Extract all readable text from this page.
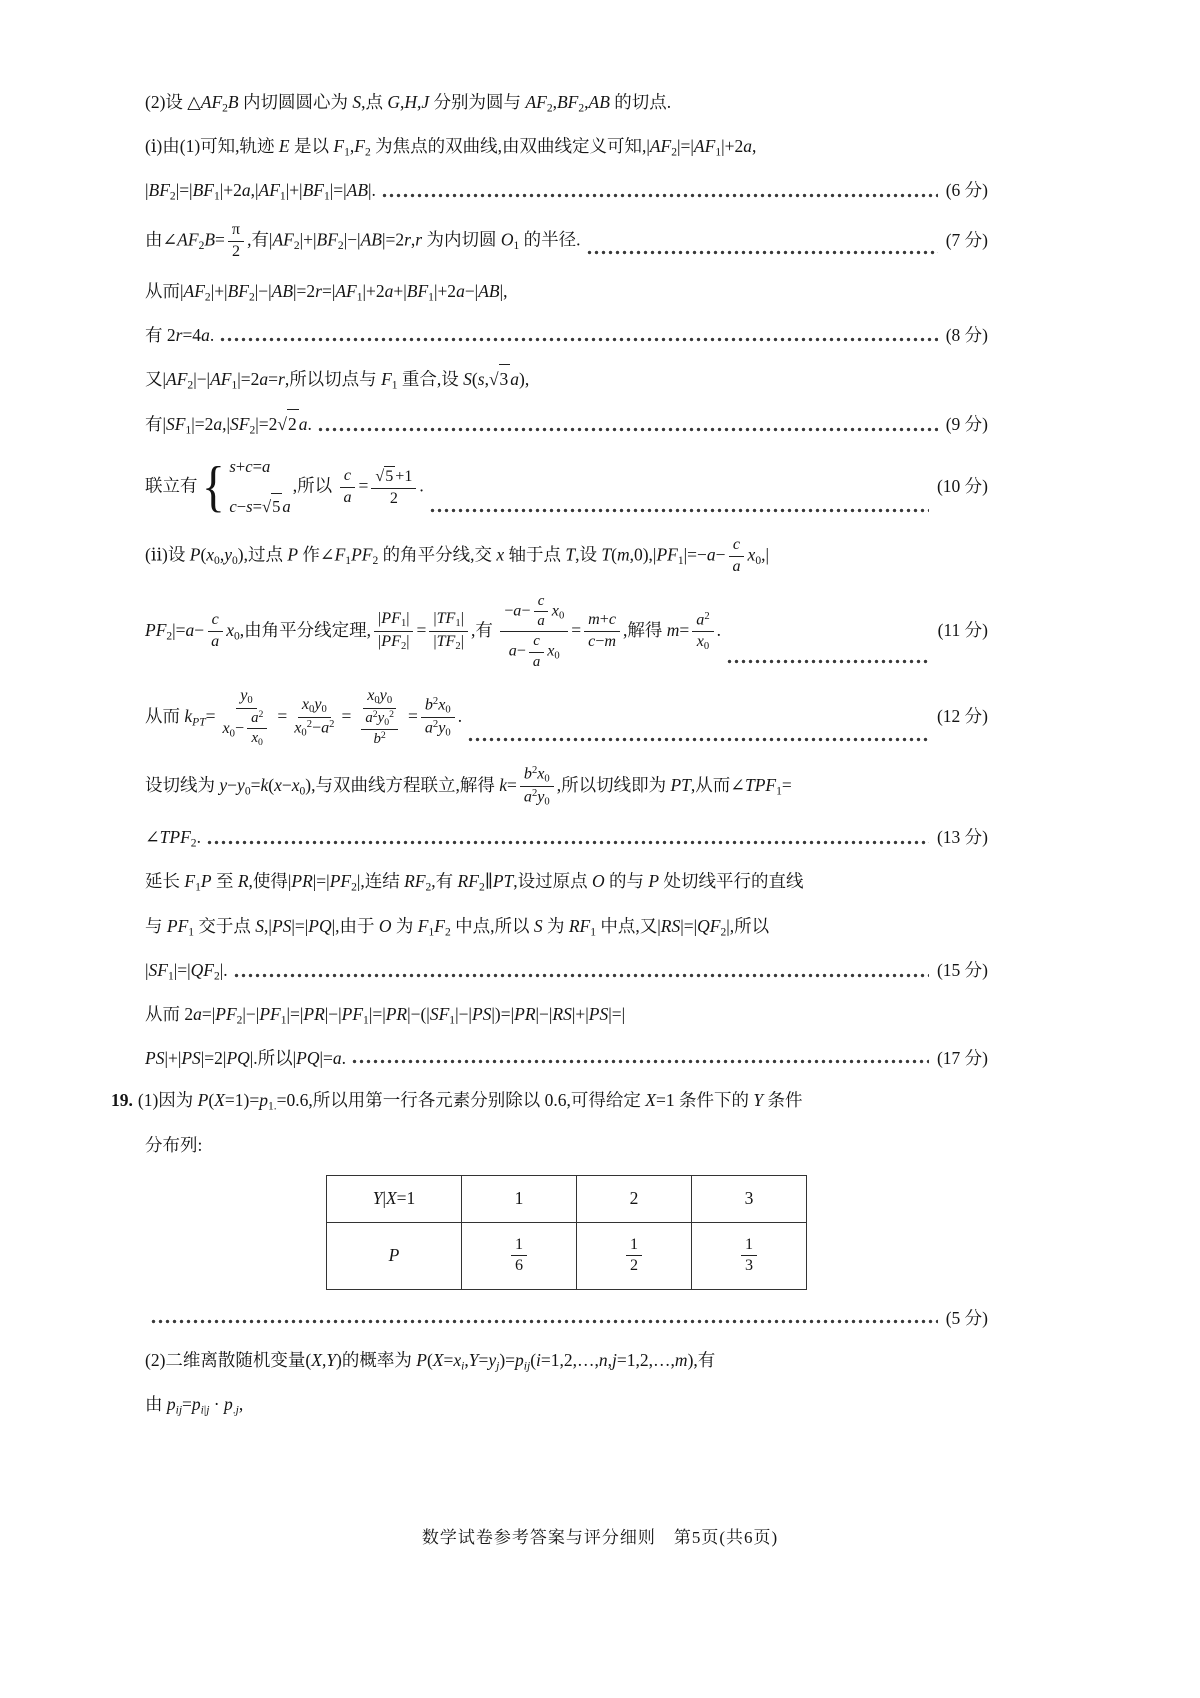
(2)设 $\triangle AF_2B$ 内切圆圆心为 S,点 G,H,J 分别为圆与 $AF_2,BF_2,AB$ 的切点.
(ⅰ)由(1)可知,轨迹 E 是以 $F_1,F_2$ 为焦点的双曲线,由双曲线定义可知$,|AF_2|=|AF_1|+2a$,
$|BF_2|=|BF_1|+2a,|AF_1|+|BF_1|=|AB|$.	(6 分)
由$\angle AF_2B= \frac{\pi}{2}$ ,有$|AF_2|+|BF_2|-|AB|=2r,r$ 为内切圆 $O_1$ 的半径.	(7 分)
从而$|AF_2|+|BF_2|-|AB|=2r=|AF_1|+2a+|BF_1|+2a-|AB|$,
有 2r=4a.	(8 分)
又$|AF_2|-|AF_1|=2a=r$,所以切点与 $F_1$ 重合,设 S(s,√ 3 a),
有$|SF_1|=2a,|SF_2|=2√$ 2 a.	(9 分)
联立有 { s+c=a
c−s=√ 5 a
,所以 $\frac{c}{a} = \frac{√ 5 +1}{2}$ .	(10 分)
(ⅱ)设 $P(x_0,y_0)$,过点 P 作$\angle F_1PF_2$ 的角平分线,交 x 轴于点 T,设 $T(m,0),|PF_1|=-a- \frac{c}{a} x_0,|$
$PF_2|=a- \frac{c}{a} x_0$,由角平分线定理, $\frac{|PF_1|}{|PF_2|} = \frac{|TF_1|}{|TF_2|}$ ,有 $\frac{-a- \frac{c}{a} x_0}{a- \frac{c}{a} x_0} = \frac{m+c}{c-m}$ ,解得 $m= \frac{a^2}{x_0}$ .	(11 分)
从而 $k_{PT}= \frac{y_0}{x_0- \frac{a^2}{x_0}} = \frac{x_0y_0}{x_0^2-a^2} = \frac{x_0y_0}{\frac{a^2y_0^2}{b^2}} = \frac{b^2x_0}{a^2y_0}$ .	(12 分)
设切线为 $y-y_0=k(x-x_0)$,与双曲线方程联立,解得 $k= \frac{b^2x_0}{a^2y_0}$ ,所以切线即为 PT,从而$\angle TPF_1=$
$\angle TPF_2$.	(13 分)
延长 $F_1P$ 至 R,使得$|PR|=|PF_2|$,连结 $RF_2$,有 $RF_2\parallel PT$,设过原点 O 的与 P 处切线平行的直线
与 $PF_1$ 交于点 S,|PS|=|PQ|,由于 O 为 $F_1F_2$ 中点,所以 S 为 $RF_1$ 中点,又$|RS|=|QF_2|$,所以
$|SF_1|=|QF_2|$.	(15 分)
从而 $2a=|PF_2|-|PF_1|=|PR|-|PF_1|=|PR|-(|SF_1|-|PS|)=|PR|-|RS|+|PS|=|$
PS|+|PS|=2|PQ|.所以|PQ|=a.	(17 分)
19. (1)因为 $P(X=1)=p_{1.}=0.6$,所以用第一行各元素分别除以 0.6,可得给定 X=1 条件下的 Y 条件
分布列:
Y|X=1	1	2	3
P	$\frac{1}{6}$	$\frac{1}{2}$	$\frac{1}{3}$
(5 分)
(2)二维离散随机变量(X,Y)的概率为 $P(X=x_i,Y=y_j)=p_{ij}(i=1,2,\dots,n,j=1,2,\dots,m)$,有
由 $p_{ij}=p_{i|j} \cdot p_{.j}$,
数学试卷参考答案与评分细则　第5页(共6页)
